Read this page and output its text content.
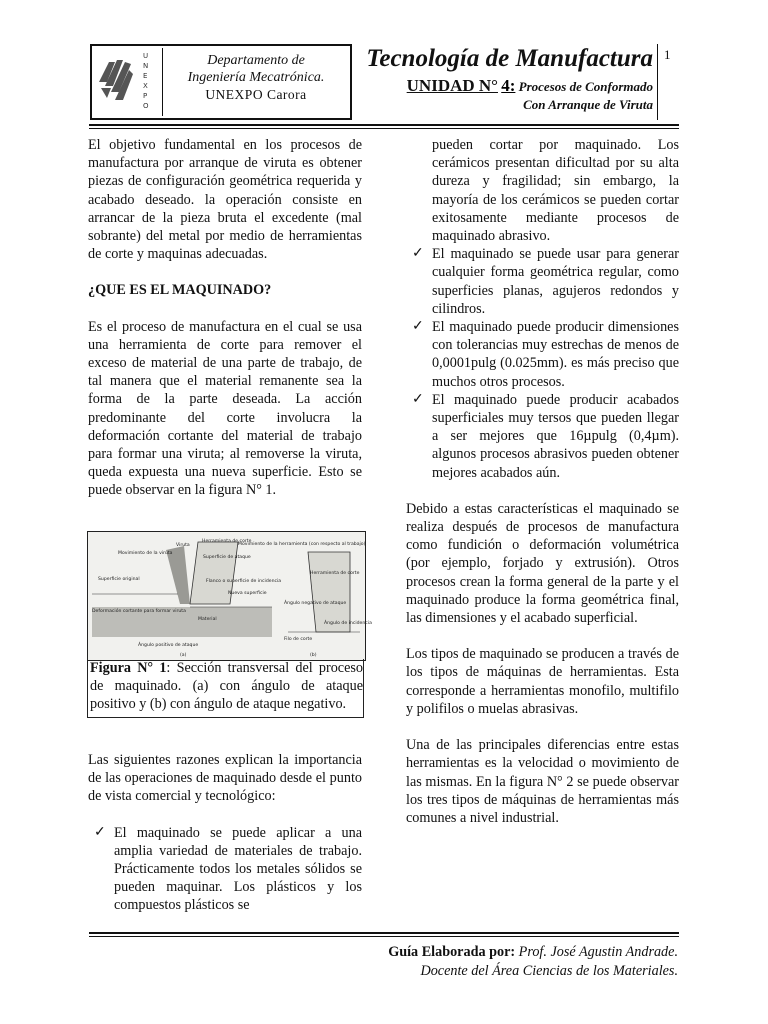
U
N
E
X
P
O
Departamento de
Ingeniería Mecatrónica.
UNEXPO Carora
Tecnología de Manufactura
UNIDAD N° 4: Procesos de Conformado
Con Arranque de Viruta
1

El objetivo fundamental en los procesos de manufactura por arranque de viruta es obtener piezas de configuración geométrica requerida y acabado deseado. la operación consiste en arrancar de la pieza bruta el excedente (mal sobrante) del metal por medio de herramientas de corte y maquinas adecuadas.

¿QUE ES EL MAQUINADO?

Es el proceso de manufactura en el cual se usa una herramienta de corte para remover el exceso de material de una parte de trabajo, de tal manera que el material remanente sea la forma de la parte deseada. La acción predominante del corte involucra la deformación cortante del material de trabajo para formar una viruta; al removerse la viruta, queda expuesta una nueva superficie. Esto se puede observar en la figura N° 1.

Movimiento de la viruta
Viruta
Herramienta de corte
Superficie de ataque
Movimiento de la herramienta (con respecto al trabajo)
Superficie original	Flanco o superficie de incidencia
Nueva superficie
Herramienta de corte
Ángulo negativo de ataque
Deformación cortante para formar viruta
Material
Ángulo de incidencia
Ángulo positivo de ataque
Filo de corte
(a)	(b)
Figura N° 1: Sección transversal del proceso de maquinado. (a) con ángulo de ataque positivo y (b) con ángulo de ataque negativo.

Las siguientes razones explican la importancia de las operaciones de maquinado desde el punto de vista comercial y tecnológico:

✓ El maquinado se puede aplicar a una amplia variedad de materiales de trabajo. Prácticamente todos los metales sólidos se pueden maquinar. Los plásticos y los compuestos plásticos se

pueden cortar por maquinado. Los cerámicos presentan dificultad por su alta dureza y fragilidad; sin embargo, la mayoría de los cerámicos se pueden cortar exitosamente mediante procesos de maquinado abrasivo.

✓ El maquinado se puede usar para generar cualquier forma geométrica regular, como superficies planas, agujeros redondos y cilindros.

✓ El maquinado puede producir dimensiones con tolerancias muy estrechas de menos de 0,0001pulg (0.025mm). es más preciso que muchos otros procesos.

✓ El maquinado puede producir acabados superficiales muy tersos que pueden llegar a ser mejores que 16µpulg (0,4µm). algunos procesos abrasivos pueden obtener mejores acabados aún.

Debido a estas características el maquinado se realiza después de procesos de manufactura como fundición o deformación volumétrica (por ejemplo, forjado y extrusión). Otros procesos crean la forma general de la parte y el maquinado produce la forma geométrica final, las dimensiones y el acabado superficial.

Los tipos de maquinado se producen a través de los tipos de máquinas de herramientas. Esta corresponde a herramientas monofilo, multifilo y polifilos o muelas abrasivas.

Una de las principales diferencias entre estas herramientas es la velocidad o movimiento de las mismas. En la figura N° 2 se puede observar los tres tipos de máquinas de herramientas más comunes a nivel industrial.

Guía Elaborada por: Prof. José Agustin Andrade.
Docente del Área Ciencias de los Materiales.
